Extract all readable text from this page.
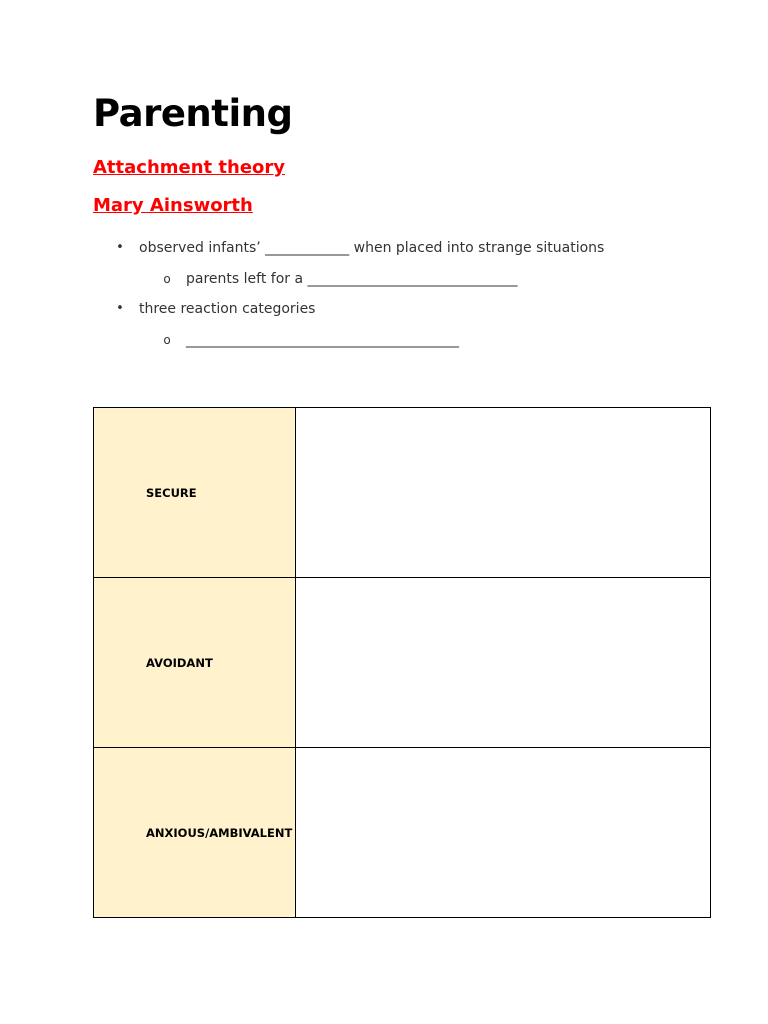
Parenting
Attachment theory
Mary Ainsworth
•	observed infants’ ____________ when placed into strange situations
o	parents left for a ______________________________
•	three reaction categories
o	_______________________________________
SECURE	

AVOIDANT	

ANXIOUS/AMBIVALENT	
